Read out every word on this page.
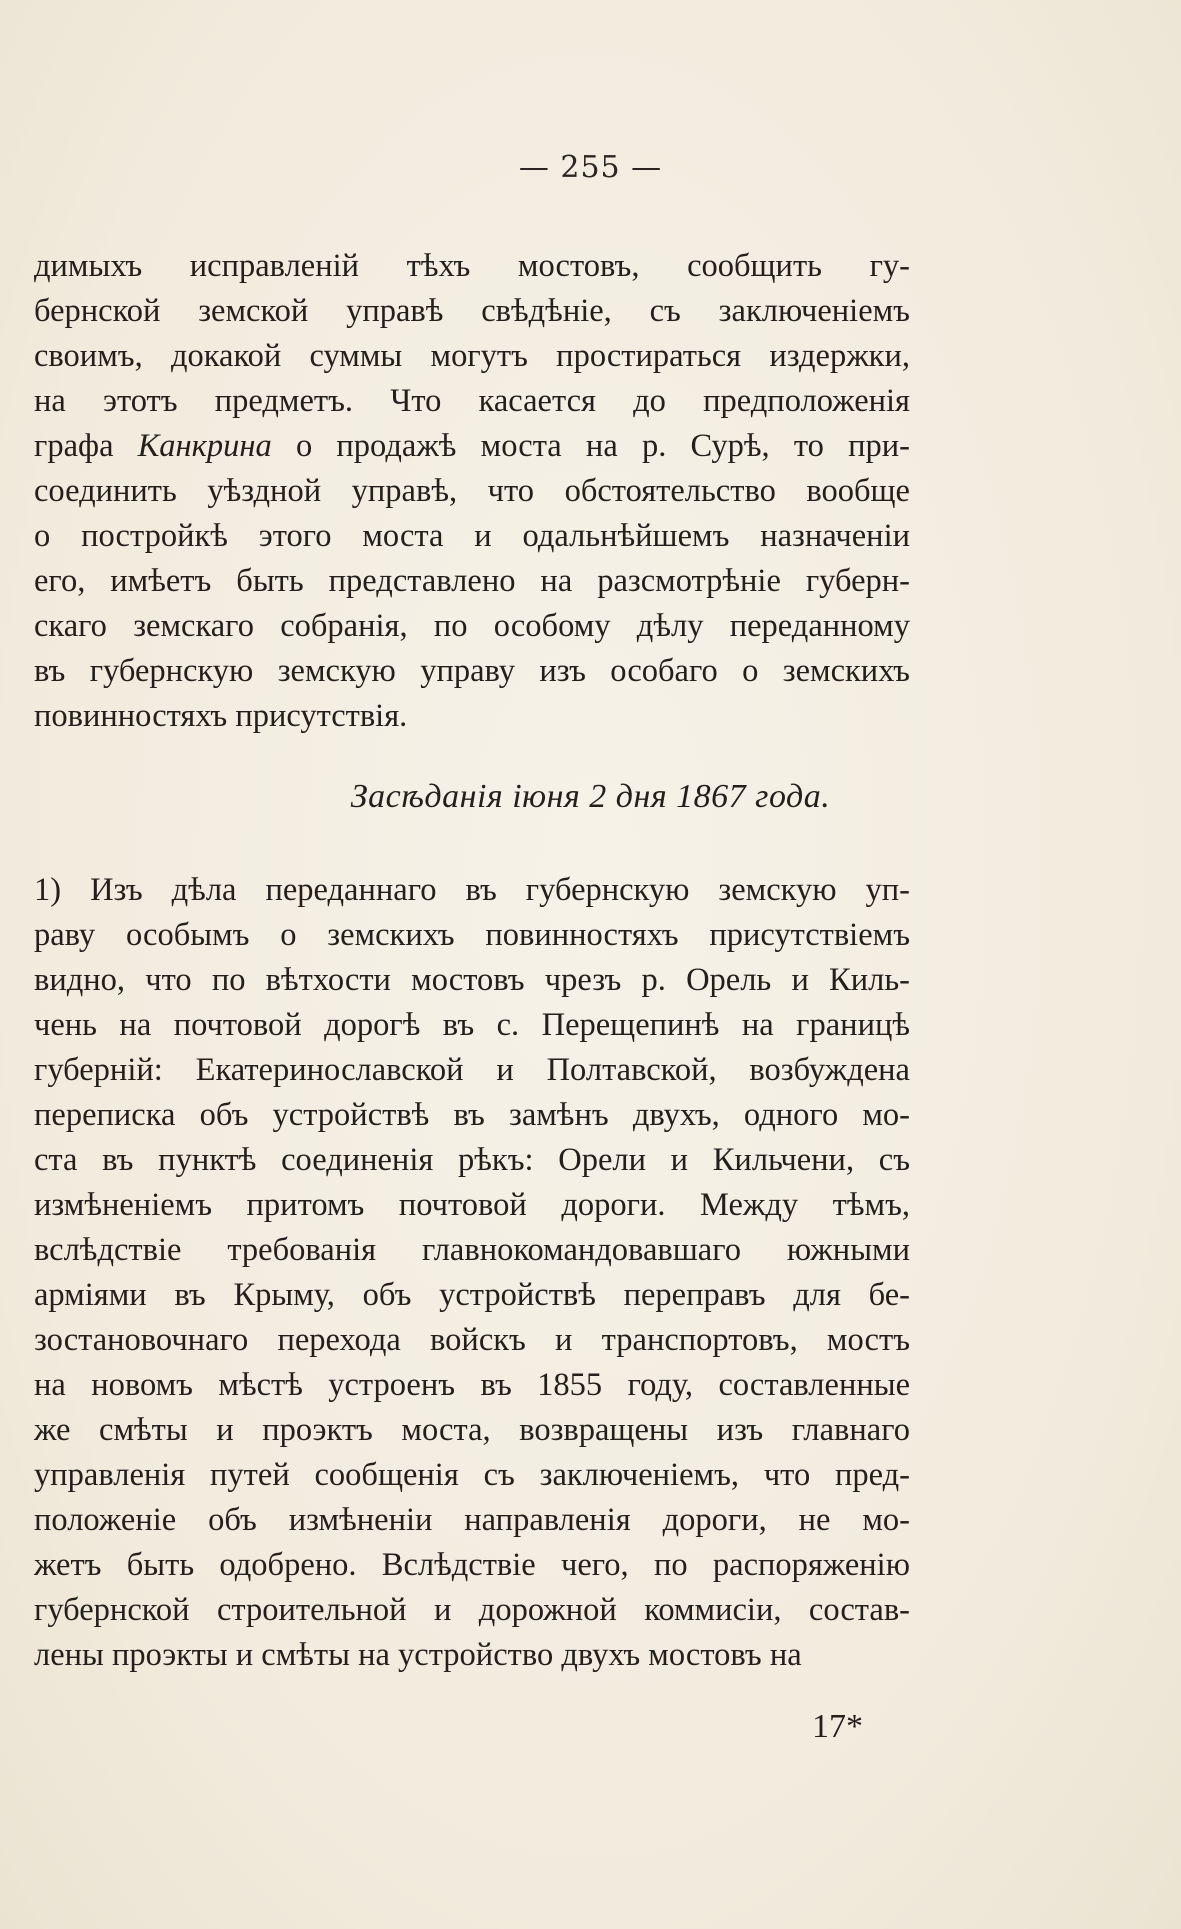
— 255 —
димыхъ исправленій тѣхъ мостовъ, сообщить гу-
бернской земской управѣ свѣдѣніе, съ заключеніемъ
своимъ, докакой суммы могутъ простираться издержки,
на этотъ предметъ. Что касается до предположенія
графа Канкрина о продажѣ моста на р. Сурѣ, то при-
соединить уѣздной управѣ, что обстоятельство вообще
о постройкѣ этого моста и одальнѣйшемъ назначеніи
его, имѣетъ быть представлено на разсмотрѣніе губерн-
скаго земскаго собранія, по особому дѣлу переданному
въ губернскую земскую управу изъ особаго о земскихъ
повинностяхъ присутствія.
Засѣданія іюня 2 дня 1867 года.
1) Изъ дѣла переданнаго въ губернскую земскую уп-
раву особымъ о земскихъ повинностяхъ присутствіемъ
видно, что по вѣтхости мостовъ чрезъ р. Орель и Киль-
чень на почтовой дорогѣ въ с. Перещепинѣ на границѣ
губерній: Екатеринославской и Полтавской, возбуждена
переписка объ устройствѣ въ замѣнъ двухъ, одного мо-
ста въ пунктѣ соединенія рѣкъ: Орели и Кильчени, съ
измѣненіемъ притомъ почтовой дороги. Между тѣмъ,
вслѣдствіе требованія главнокомандовавшаго южными
арміями въ Крыму, объ устройствѣ переправъ для бе-
зостановочнаго перехода войскъ и транспортовъ, мостъ
на новомъ мѣстѣ устроенъ въ 1855 году, составленные
же смѣты и проэктъ моста, возвращены изъ главнаго
управленія путей сообщенія съ заключеніемъ, что пред-
положеніе объ измѣненіи направленія дороги, не мо-
жетъ быть одобрено. Вслѣдствіе чего, по распоряженію
губернской строительной и дорожной коммисіи, состав-
лены проэкты и смѣты на устройство двухъ мостовъ на
17*
